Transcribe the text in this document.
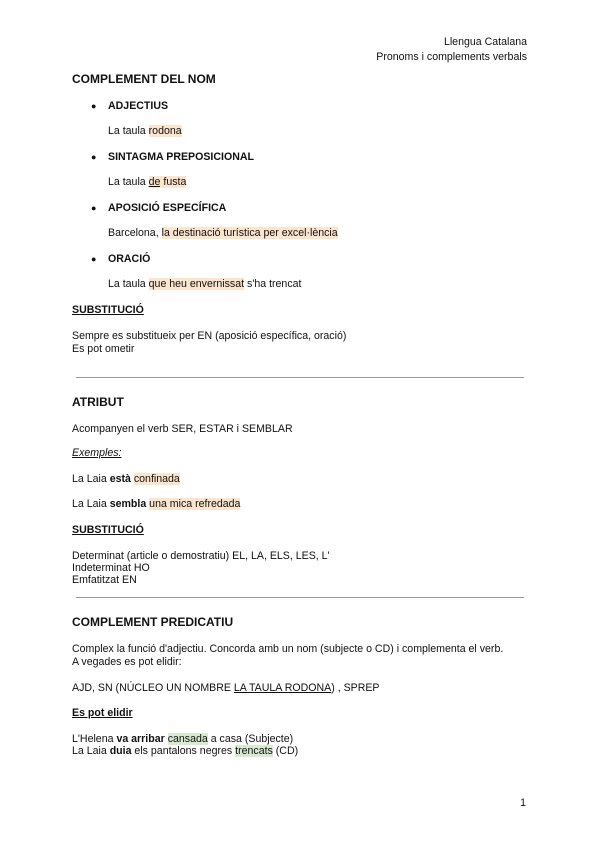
Llengua Catalana
Pronoms i complements verbals
COMPLEMENT DEL NOM
● ADJECTIUS
La taula rodona
● SINTAGMA PREPOSICIONAL
La taula de fusta
● APOSICIÓ ESPECÍFICA
Barcelona, la destinació turística per excel·lència
● ORACIÓ
La taula que heu envernissat s'ha trencat
SUBSTITUCIÓ
Sempre es substitueix per EN (aposició específica, oració)
Es pot ometir
ATRIBUT
Acompanyen el verb SER, ESTAR i SEMBLAR
Exemples:
La Laia està confinada
La Laia sembla una mica refredada
SUBSTITUCIÓ
Determinat (article o demostratiu) EL, LA, ELS, LES, L'
Indeterminat HO
Emfatitzat EN
COMPLEMENT PREDICATIU
Complex la funció d'adjectiu. Concorda amb un nom (subjecte o CD) i complementa el verb.
A vegades es pot elidir:
AJD, SN (NÚCLEO UN NOMBRE LA TAULA RODONA) , SPREP
Es pot elidir
L'Helena va arribar cansada a casa (Subjecte)
La Laia duia els pantalons negres trencats (CD)
1
